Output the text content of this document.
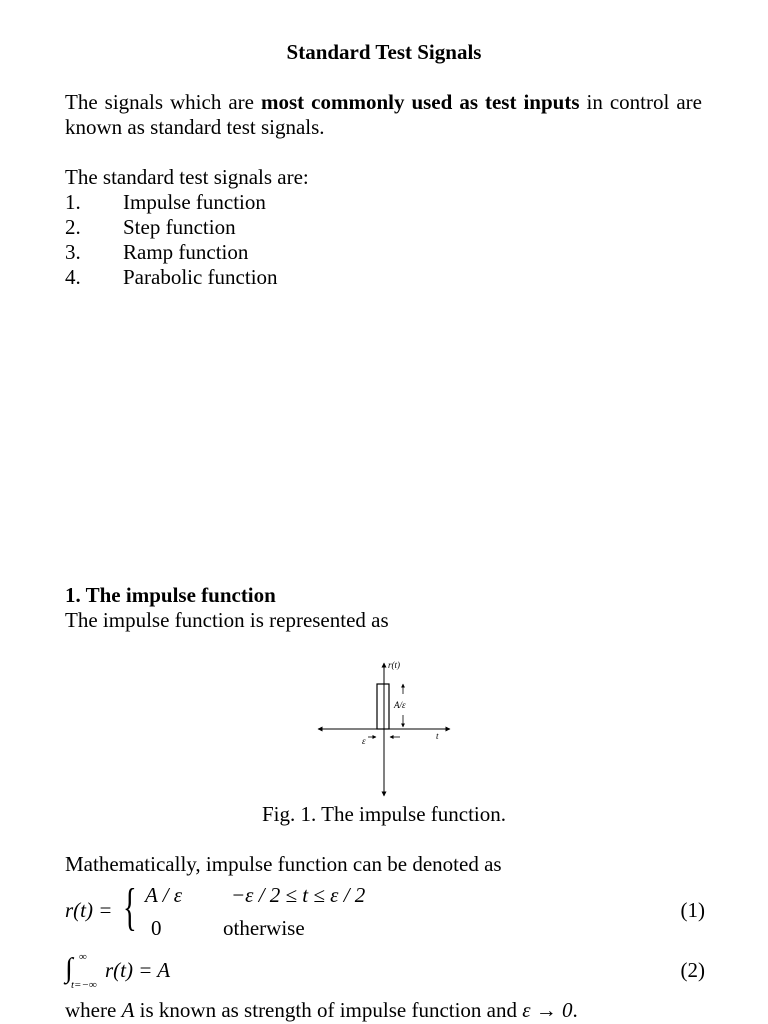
Standard Test Signals
The signals which are most commonly used as test inputs in control are known as standard test signals.
The standard test signals are:
1. Impulse function
2. Step function
3. Ramp function
4. Parabolic function
1. The impulse function
The impulse function is represented as
r(t)
A/ε
t
ε
Fig. 1. The impulse function.
Mathematically, impulse function can be denoted as
r(t) = { A / ε −ε / 2 ≤ t ≤ ε / 2
0	otherwise
(1)
∫ ∞
t=−∞
r(t) = A	(2)
where A is known as strength of impulse function and ε → 0.
